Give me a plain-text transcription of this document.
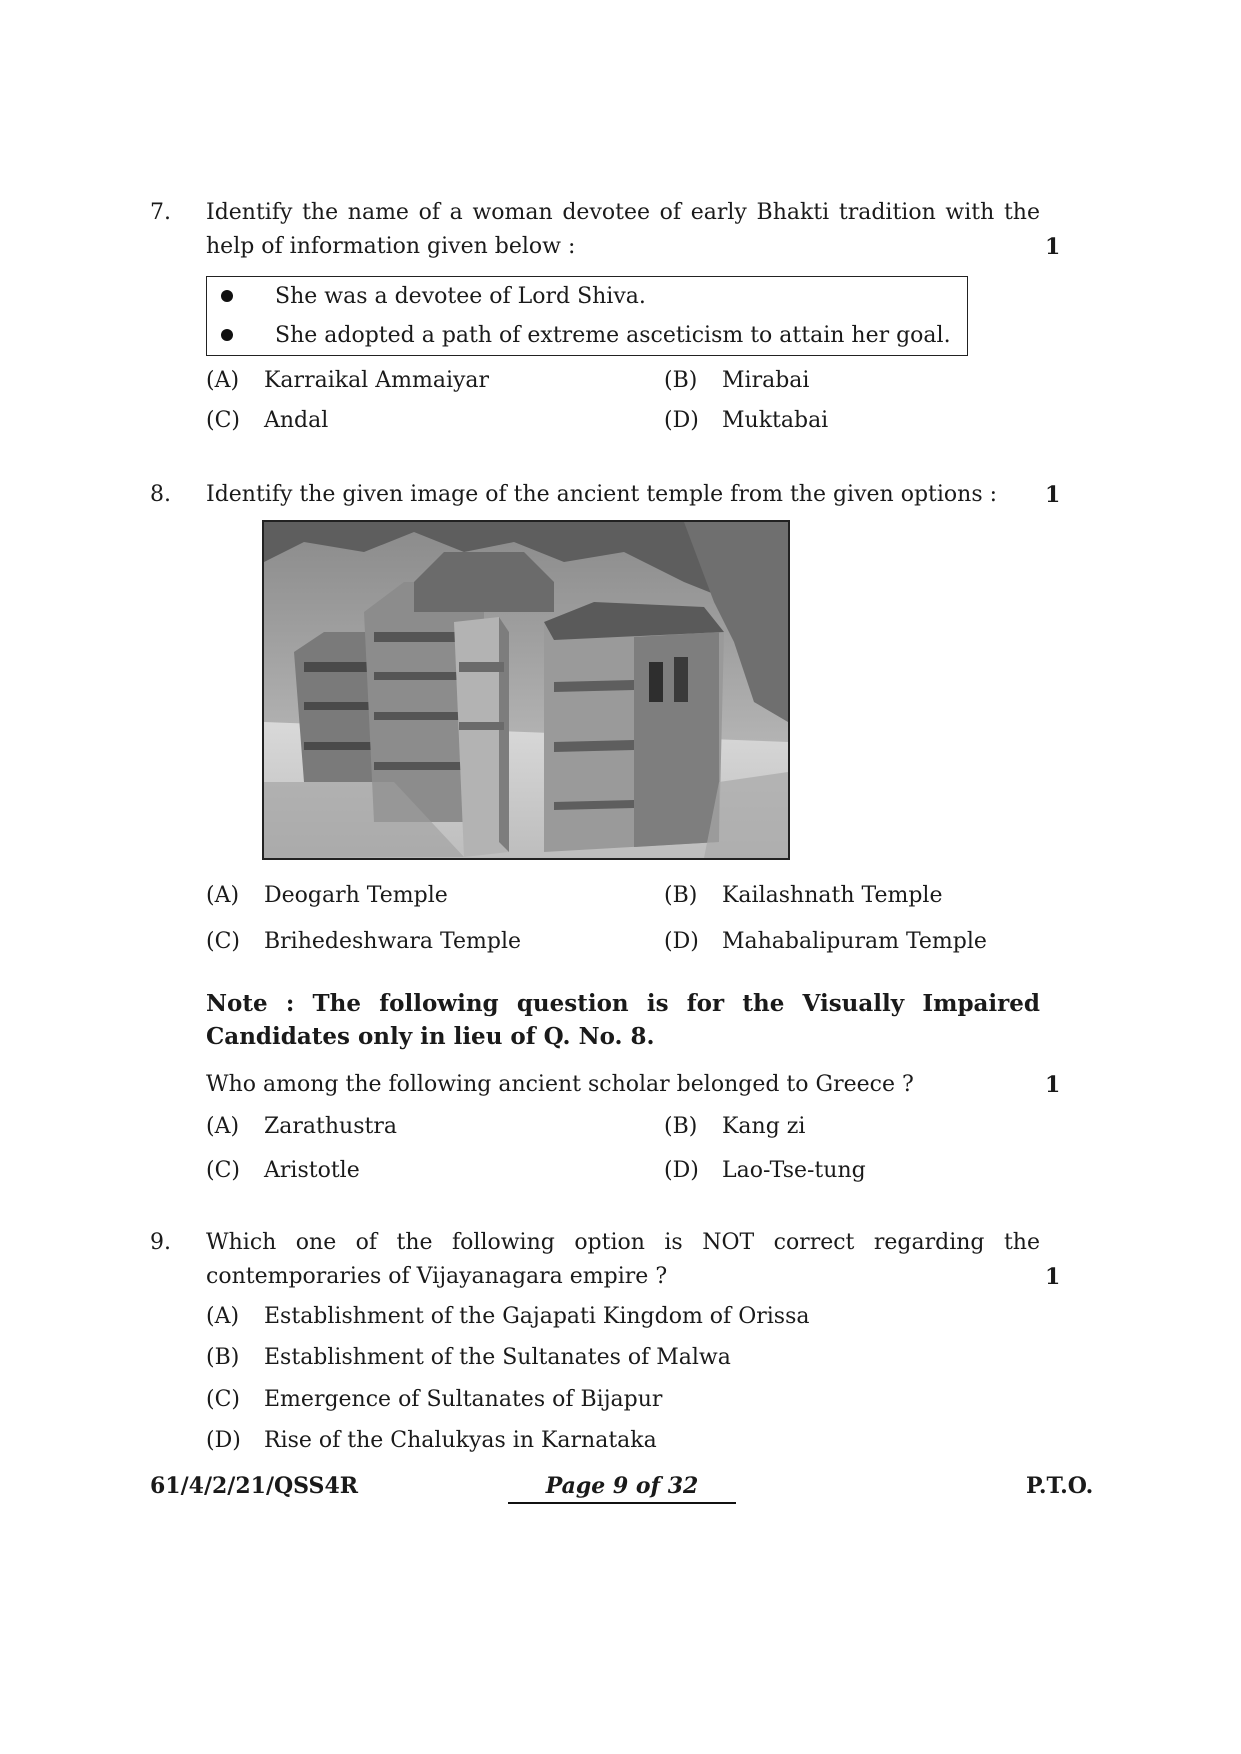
7. Identify the name of a woman devotee of early Bhakti tradition with the
help of information given below :	1
She was a devotee of Lord Shiva.
She adopted a path of extreme asceticism to attain her goal.
(A) Karraikal Ammaiyar	(B) Mirabai
(C) Andal	(D) Muktabai
8. Identify the given image of the ancient temple from the given options : 1
(A) Deogarh Temple	(B) Kailashnath Temple
(C) Brihedeshwara Temple	(D) Mahabalipuram Temple
Note : The following question is for the Visually Impaired
Candidates only in lieu of Q. No. 8.
Who among the following ancient scholar belonged to Greece ?	1
(A) Zarathustra	(B) Kang zi
(C) Aristotle	(D) Lao-Tse-tung
9. Which one of the following option is NOT correct regarding the
contemporaries of Vijayanagara empire ?	1
(A) Establishment of the Gajapati Kingdom of Orissa
(B) Establishment of the Sultanates of Malwa
(C) Emergence of Sultanates of Bijapur
(D) Rise of the Chalukyas in Karnataka
61/4/2/21/QSS4R	Page 9 of 32	P.T.O.
